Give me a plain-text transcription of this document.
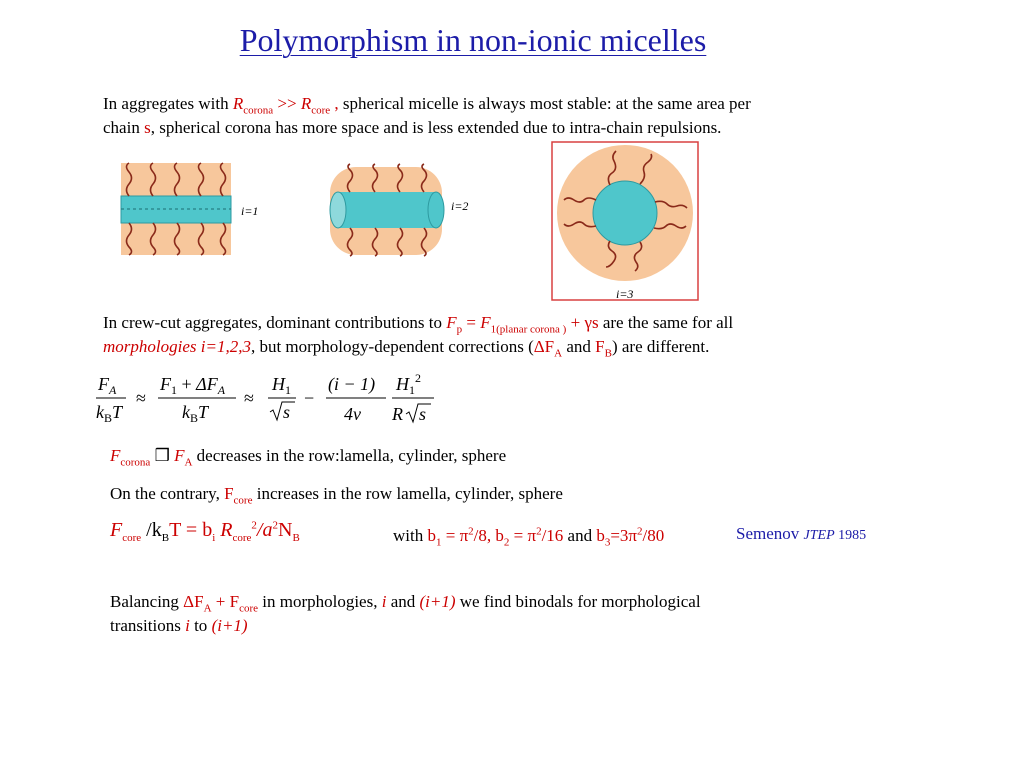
Polymorphism in non-ionic micelles
In aggregates with $R_{corona} >> R_{core}$ , spherical micelle is always most stable: at the same area per
chain s, spherical corona has more space and is less extended due to intra-chain repulsions.
i=1	i=2
i=3
In crew-cut aggregates, dominant contributions to $F_p = F_{1(planar corona )} + \gamma s$ are the same for all
morphologies i=1,2,3, but morphology-dependent corrections ($\Delta F_A$ and $F_B$) are different.
$F_A$
$k_BT$
≈
$F_1 + \Delta F_A$
$k_BT$
≈
$H_1$
s
−
(i − 1)
4ν
$H_1^2$
R s
$F_{corona}$ ❒ $F_A$ decreases in the row:lamella, cylinder, sphere
On the contrary, $F_{core}$ increases in the row lamella, cylinder, sphere
$F_{core}$ $/k_BT = b_i$ $R_{core}^2/a^2N_B$	with $b_1 = \pi^2/8$, $b_2 = \pi^2/16$ and $b_3=3\pi^2/80$	Semenov JTEP 1985
Balancing $\Delta F_A + F_{core}$ in morphologies, i and (i+1) we find binodals for morphological
transitions i to (i+1)
